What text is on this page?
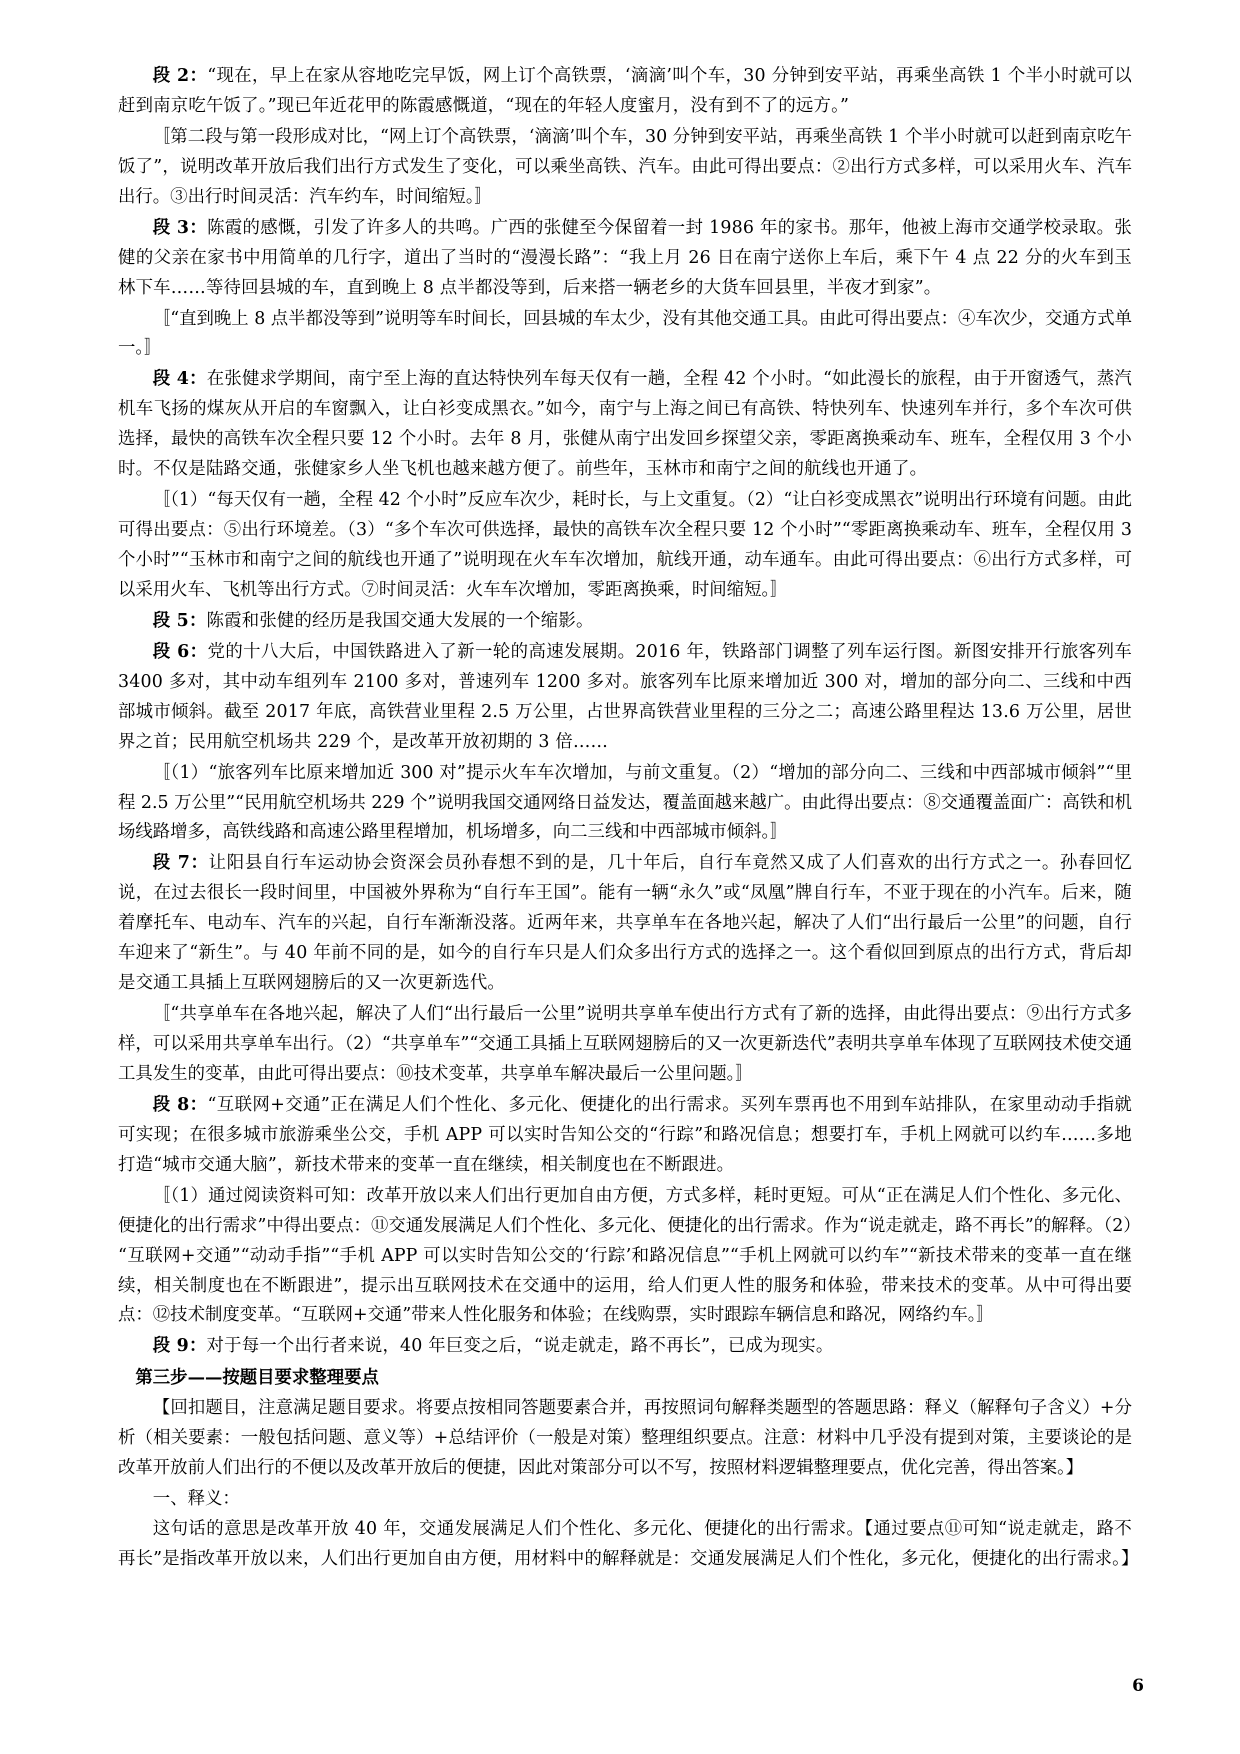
段 2：“现在，早上在家从容地吃完早饭，网上订个高铁票，‘滴滴’叫个车，30 分钟到安平站，再乘坐高铁 1 个半小时就可以赶到南京吃午饭了。”现已年近花甲的陈霞感慨道，“现在的年轻人度蜜月，没有到不了的远方。”

〚第二段与第一段形成对比，“网上订个高铁票，‘滴滴’叫个车，30 分钟到安平站，再乘坐高铁 1 个半小时就可以赶到南京吃午饭了”，说明改革开放后我们出行方式发生了变化，可以乘坐高铁、汽车。由此可得出要点：②出行方式多样，可以采用火车、汽车出行。③出行时间灵活：汽车约车，时间缩短。〛

段 3：陈霞的感慨，引发了许多人的共鸣。广西的张健至今保留着一封 1986 年的家书。那年，他被上海市交通学校录取。张健的父亲在家书中用简单的几行字，道出了当时的“漫漫长路”：“我上月 26 日在南宁送你上车后，乘下午 4 点 22 分的火车到玉林下车……等待回县城的车，直到晚上 8 点半都没等到，后来搭一辆老乡的大货车回县里，半夜才到家”。

〚“直到晚上 8 点半都没等到”说明等车时间长，回县城的车太少，没有其他交通工具。由此可得出要点：④车次少，交通方式单一。〛

段 4：在张健求学期间，南宁至上海的直达特快列车每天仅有一趟，全程 42 个小时。“如此漫长的旅程，由于开窗透气，蒸汽机车飞扬的煤灰从开启的车窗飘入，让白衫变成黑衣。”如今，南宁与上海之间已有高铁、特快列车、快速列车并行，多个车次可供选择，最快的高铁车次全程只要 12 个小时。去年 8 月，张健从南宁出发回乡探望父亲，零距离换乘动车、班车，全程仅用 3 个小时。不仅是陆路交通，张健家乡人坐飞机也越来越方便了。前些年，玉林市和南宁之间的航线也开通了。

〚（1）“每天仅有一趟，全程 42 个小时”反应车次少，耗时长，与上文重复。（2）“让白衫变成黑衣”说明出行环境有问题。由此可得出要点：⑤出行环境差。（3）“多个车次可供选择，最快的高铁车次全程只要 12 个小时”“零距离换乘动车、班车，全程仅用 3 个小时”“玉林市和南宁之间的航线也开通了”说明现在火车车次增加，航线开通，动车通车。由此可得出要点：⑥出行方式多样，可以采用火车、飞机等出行方式。⑦时间灵活：火车车次增加，零距离换乘，时间缩短。〛

段 5：陈霞和张健的经历是我国交通大发展的一个缩影。

段 6：党的十八大后，中国铁路进入了新一轮的高速发展期。2016 年，铁路部门调整了列车运行图。新图安排开行旅客列车 3400 多对，其中动车组列车 2100 多对，普速列车 1200 多对。旅客列车比原来增加近 300 对，增加的部分向二、三线和中西部城市倾斜。截至 2017 年底，高铁营业里程 2.5 万公里，占世界高铁营业里程的三分之二；高速公路里程达 13.6 万公里，居世界之首；民用航空机场共 229 个，是改革开放初期的 3 倍……

〚（1）“旅客列车比原来增加近 300 对”提示火车车次增加，与前文重复。（2）“增加的部分向二、三线和中西部城市倾斜”“里程 2.5 万公里”“民用航空机场共 229 个”说明我国交通网络日益发达，覆盖面越来越广。由此得出要点：⑧交通覆盖面广：高铁和机场线路增多，高铁线路和高速公路里程增加，机场增多，向二三线和中西部城市倾斜。〛

段 7：让阳县自行车运动协会资深会员孙春想不到的是，几十年后，自行车竟然又成了人们喜欢的出行方式之一。孙春回忆说，在过去很长一段时间里，中国被外界称为“自行车王国”。能有一辆“永久”或“凤凰”牌自行车，不亚于现在的小汽车。后来，随着摩托车、电动车、汽车的兴起，自行车渐渐没落。近两年来，共享单车在各地兴起，解决了人们“出行最后一公里”的问题，自行车迎来了“新生”。与 40 年前不同的是，如今的自行车只是人们众多出行方式的选择之一。这个看似回到原点的出行方式，背后却是交通工具插上互联网翅膀后的又一次更新选代。

〚“共享单车在各地兴起，解决了人们“出行最后一公里”说明共享单车使出行方式有了新的选择，由此得出要点：⑨出行方式多样，可以采用共享单车出行。（2）“共享单车”“交通工具插上互联网翅膀后的又一次更新迭代”表明共享单车体现了互联网技术使交通工具发生的变革，由此可得出要点：⑩技术变革，共享单车解决最后一公里问题。〛

段 8：“互联网+交通”正在满足人们个性化、多元化、便捷化的出行需求。买列车票再也不用到车站排队，在家里动动手指就可实现；在很多城市旅游乘坐公交，手机 APP 可以实时告知公交的“行踪”和路况信息；想要打车，手机上网就可以约车……多地打造“城市交通大脑”，新技术带来的变革一直在继续，相关制度也在不断跟进。

〚（1）通过阅读资料可知：改革开放以来人们出行更加自由方便，方式多样，耗时更短。可从“正在满足人们个性化、多元化、便捷化的出行需求”中得出要点：⑪交通发展满足人们个性化、多元化、便捷化的出行需求。作为“说走就走，路不再长”的解释。（2）“互联网+交通”“动动手指”“手机 APP 可以实时告知公交的‘行踪’和路况信息”“手机上网就可以约车”“新技术带来的变革一直在继续，相关制度也在不断跟进”，提示出互联网技术在交通中的运用，给人们更人性的服务和体验，带来技术的变革。从中可得出要点：⑫技术制度变革。“互联网+交通”带来人性化服务和体验；在线购票，实时跟踪车辆信息和路况，网络约车。〛

段 9：对于每一个出行者来说，40 年巨变之后，“说走就走，路不再长”，已成为现实。

第三步——按题目要求整理要点

【回扣题目，注意满足题目要求。将要点按相同答题要素合并，再按照词句解释类题型的答题思路：释义（解释句子含义）+分析（相关要素：一般包括问题、意义等）+总结评价（一般是对策）整理组织要点。注意：材料中几乎没有提到对策，主要谈论的是改革开放前人们出行的不便以及改革开放后的便捷，因此对策部分可以不写，按照材料逻辑整理要点，优化完善，得出答案。】

一、释义：

这句话的意思是改革开放 40 年，交通发展满足人们个性化、多元化、便捷化的出行需求。【通过要点⑪可知“说走就走，路不再长”是指改革开放以来，人们出行更加自由方便，用材料中的解释就是：交通发展满足人们个性化，多元化，便捷化的出行需求。】

6
